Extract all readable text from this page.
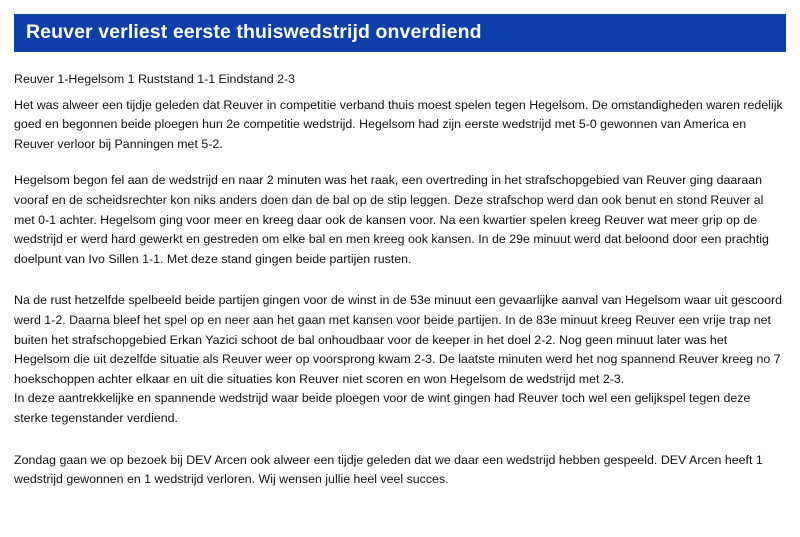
Reuver verliest eerste thuiswedstrijd onverdiend

Reuver 1-Hegelsom 1 Ruststand 1-1 Eindstand 2-3

Het was alweer een tijdje geleden dat Reuver in competitie verband thuis moest spelen tegen Hegelsom. De omstandigheden waren redelijk goed en begonnen beide ploegen hun 2e competitie wedstrijd. Hegelsom had zijn eerste wedstrijd met 5-0 gewonnen van America en Reuver verloor bij Panningen met 5-2.

Hegelsom begon fel aan de wedstrijd en naar 2 minuten was het raak, een overtreding in het strafschopgebied van Reuver ging daaraan vooraf en de scheidsrechter kon niks anders doen dan de bal op de stip leggen. Deze strafschop werd dan ook benut en stond Reuver al met 0-1 achter. Hegelsom ging voor meer en kreeg daar ook de kansen voor. Na een kwartier spelen kreeg Reuver wat meer grip op de wedstrijd er werd hard gewerkt en gestreden om elke bal en men kreeg ook kansen. In de 29e minuut werd dat beloond door een prachtig doelpunt van Ivo Sillen 1-1. Met deze stand gingen beide partijen rusten.

Na de rust hetzelfde spelbeeld beide partijen gingen voor de winst in de 53e minuut een gevaarlijke aanval van Hegelsom waar uit gescoord werd 1-2. Daarna bleef het spel op en neer aan het gaan met kansen voor beide partijen. In de 83e minuut kreeg Reuver een vrije trap net buiten het strafschopgebied Erkan Yazici schoot de bal onhoudbaar voor de keeper in het doel 2-2. Nog geen minuut later was het Hegelsom die uit dezelfde situatie als Reuver weer op voorsprong kwam 2-3. De laatste minuten werd het nog spannend Reuver kreeg no 7 hoekschoppen achter elkaar en uit die situaties kon Reuver niet scoren en won Hegelsom de wedstrijd met 2-3.

In deze aantrekkelijke en spannende wedstrijd waar beide ploegen voor de wint gingen had Reuver toch wel een gelijkspel tegen deze sterke tegenstander verdiend.

Zondag gaan we op bezoek bij DEV Arcen ook alweer een tijdje geleden dat we daar een wedstrijd hebben gespeeld. DEV Arcen heeft 1 wedstrijd gewonnen en 1 wedstrijd verloren. Wij wensen jullie heel veel succes.
